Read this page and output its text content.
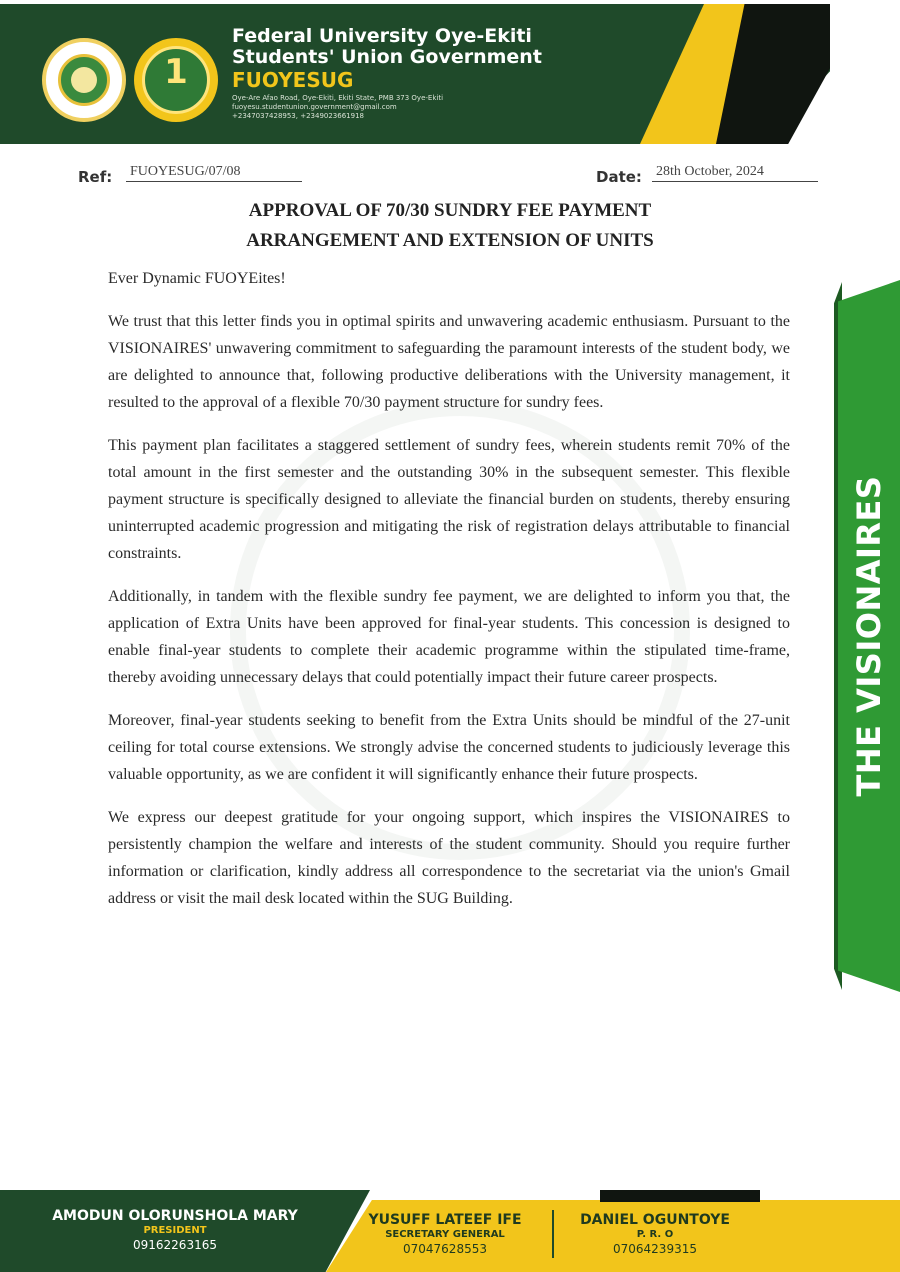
1
Federal University Oye-Ekiti
Students' Union Government
FUOYESUG
Oye-Are Afao Road, Oye-Ekiti, Ekiti State, PMB 373 Oye-Ekiti
fuoyesu.studentunion.government@gmail.com
+2347037428953, +2349023661918
Ref: FUOYESUG/07/08	Date: 28th October, 2024
APPROVAL OF 70/30 SUNDRY FEE PAYMENT
ARRANGEMENT AND EXTENSION OF UNITS

Ever Dynamic FUOYEites!

We trust that this letter finds you in optimal spirits and unwavering academic enthusiasm. Pursuant to the VISIONAIRES' unwavering commitment to safeguarding the paramount interests of the student body, we are delighted to announce that, following productive deliberations with the University management, it resulted to the approval of a flexible 70/30 payment structure for sundry fees.

This payment plan facilitates a staggered settlement of sundry fees, wherein students remit 70% of the total amount in the first semester and the outstanding 30% in the subsequent semester. This flexible payment structure is specifically designed to alleviate the financial burden on students, thereby ensuring uninterrupted academic progression and mitigating the risk of registration delays attributable to financial constraints.

Additionally, in tandem with the flexible sundry fee payment, we are delighted to inform you that, the application of Extra Units have been approved for final-year students. This concession is designed to enable final-year students to complete their academic programme within the stipulated time-frame, thereby avoiding unnecessary delays that could potentially impact their future career prospects.

Moreover, final-year students seeking to benefit from the Extra Units should be mindful of the 27-unit ceiling for total course extensions. We strongly advise the concerned students to judiciously leverage this valuable opportunity, as we are confident it will significantly enhance their future prospects.

We express our deepest gratitude for your ongoing support, which inspires the VISIONAIRES to persistently champion the welfare and interests of the student community. Should you require further information or clarification, kindly address all correspondence to the secretariat via the union's Gmail address or visit the mail desk located within the SUG Building.

THE VISIONAIRES
AMODUN OLORUNSHOLA MARY
PRESIDENT
09162263165
YUSUFF LATEEF IFE
SECRETARY GENERAL
07047628553
DANIEL OGUNTOYE
P. R. O
07064239315
